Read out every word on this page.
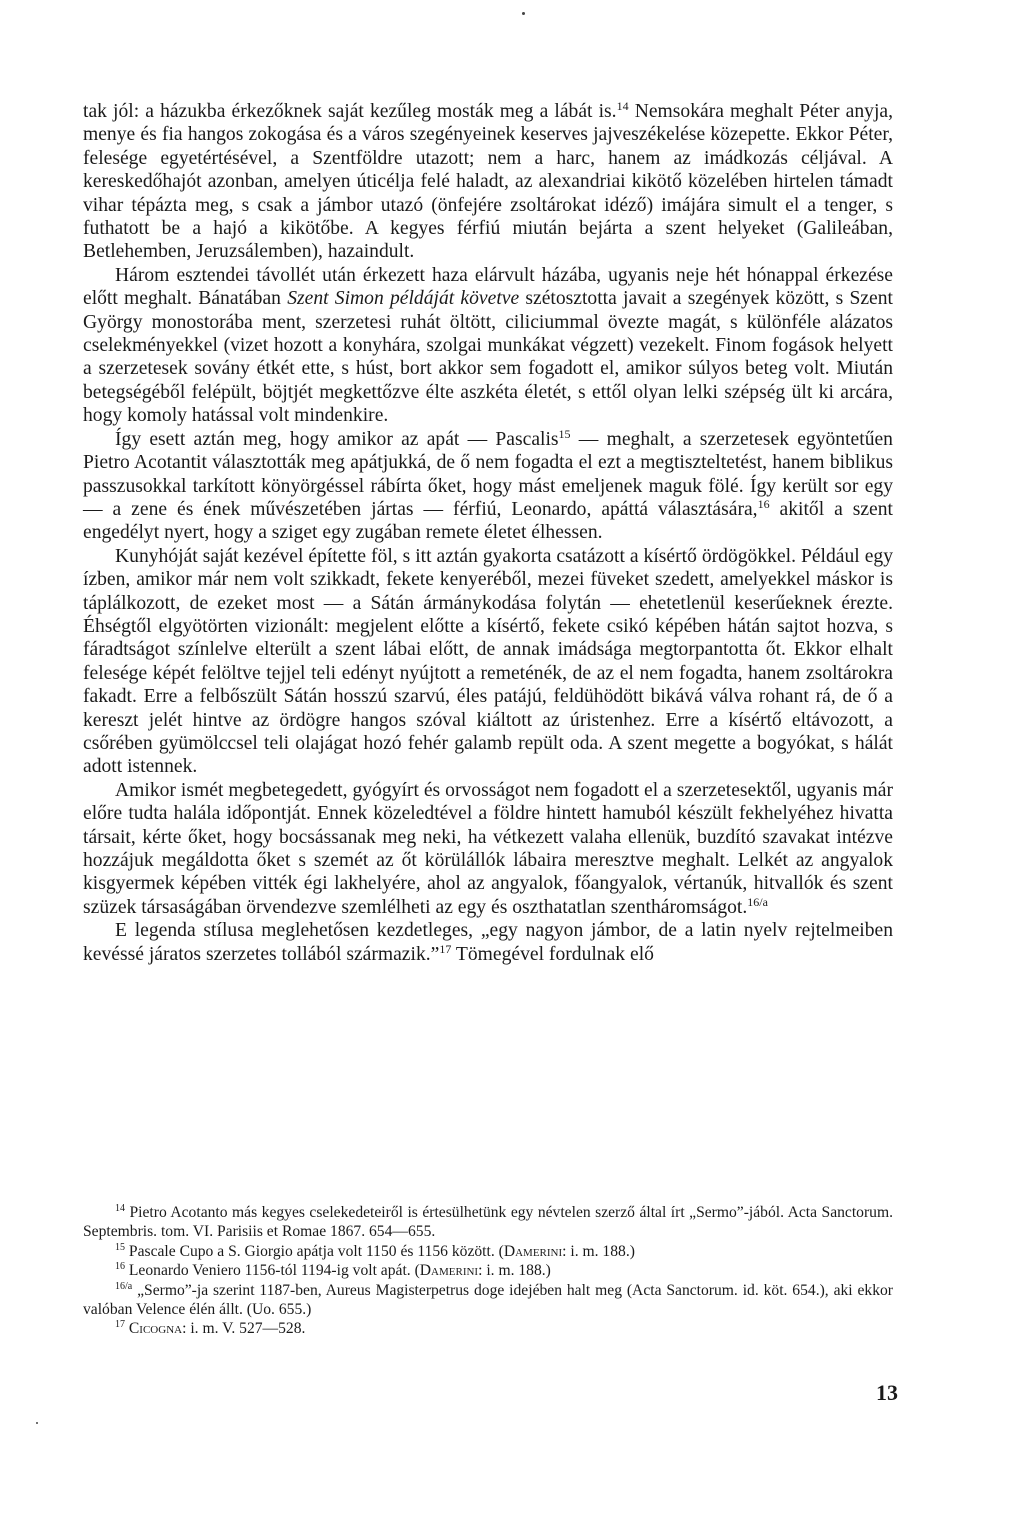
tak jól: a házukba érkezőknek saját kezűleg mosták meg a lábát is.$^{14}$ Nemsokára meghalt Péter anyja, menye és fia hangos zokogása és a város szegényeinek keserves jajveszékelése közepette. Ekkor Péter, felesége egyetértésével, a Szentföldre utazott; nem a harc, hanem az imádkozás céljával. A kereskedőhajót azonban, amelyen úticélja felé haladt, az alexandriai kikötő közelében hirtelen támadt vihar tépázta meg, s csak a jámbor utazó (önfejére zsoltárokat idéző) imájára simult el a tenger, s futhatott be a hajó a kikötőbe. A kegyes férfiú miután bejárta a szent helyeket (Galileában, Betlehemben, Jeruzsálemben), hazaindult.

Három esztendei távollét után érkezett haza elárvult házába, ugyanis neje hét hónappal érkezése előtt meghalt. Bánatában Szent Simon példáját követve szétosztotta javait a szegények között, s Szent György monostorába ment, szerzetesi ruhát öltött, ciliciummal övezte magát, s különféle alázatos cselekményekkel (vizet hozott a konyhára, szolgai munkákat végzett) vezekelt. Finom fogások helyett a szerzetesek sovány étkét ette, s húst, bort akkor sem fogadott el, amikor súlyos beteg volt. Miután betegségéből felépült, böjtjét megkettőzve élte aszkéta életét, s ettől olyan lelki szépség ült ki arcára, hogy komoly hatással volt mindenkire.

Így esett aztán meg, hogy amikor az apát — Pascalis$^{15}$ — meghalt, a szerzetesek egyöntetűen Pietro Acotantit választották meg apátjukká, de ő nem fogadta el ezt a megtiszteltetést, hanem biblikus passzusokkal tarkított könyörgéssel rábírta őket, hogy mást emeljenek maguk fölé. Így került sor egy — a zene és ének művészetében jártas — férfiú, Leonardo, apáttá választására,$^{16}$ akitől a szent engedélyt nyert, hogy a sziget egy zugában remete életet élhessen.

Kunyhóját saját kezével építette föl, s itt aztán gyakorta csatázott a kísértő ördögökkel. Például egy ízben, amikor már nem volt szikkadt, fekete kenyeréből, mezei füveket szedett, amelyekkel máskor is táplálkozott, de ezeket most — a Sátán ármánykodása folytán — ehetetlenül keserűeknek érezte. Éhségtől elgyötörten vizionált: megjelent előtte a kísértő, fekete csikó képében hátán sajtot hozva, s fáradtságot színlelve elterült a szent lábai előtt, de annak imádsága megtorpantotta őt. Ekkor elhalt felesége képét felöltve tejjel teli edényt nyújtott a remeténék, de az el nem fogadta, hanem zsoltárokra fakadt. Erre a felbőszült Sátán hosszú szarvú, éles patájú, feldühödött bikává válva rohant rá, de ő a kereszt jelét hintve az ördögre hangos szóval kiáltott az úristenhez. Erre a kísértő eltávozott, a csőrében gyümölccsel teli olajágat hozó fehér galamb repült oda. A szent megette a bogyókat, s hálát adott istennek.

Amikor ismét megbetegedett, gyógyírt és orvosságot nem fogadott el a szerzetesektől, ugyanis már előre tudta halála időpontját. Ennek közeledtével a földre hintett hamuból készült fekhelyéhez hivatta társait, kérte őket, hogy bocsássanak meg neki, ha vétkezett valaha ellenük, buzdító szavakat intézve hozzájuk megáldotta őket s szemét az őt körülállók lábaira meresztve meghalt. Lelkét az angyalok kisgyermek képében vitték égi lakhelyére, ahol az angyalok, főangyalok, vértanúk, hitvallók és szent szüzek társaságában örvendezve szemlélheti az egy és oszthatatlan szentháromságot.$^{16/a}$

E legenda stílusa meglehetősen kezdetleges, „egy nagyon jámbor, de a latin nyelv rejtelmeiben kevéssé járatos szerzetes tollából származik.”$^{17}$ Tömegével fordulnak elő

$^{14}$ Pietro Acotanto más kegyes cselekedeteiről is értesülhetünk egy névtelen szerző által írt „Sermo”-jából. Acta Sanctorum. Septembris. tom. VI. Parisiis et Romae 1867. 654—655.

$^{15}$ Pascale Cupo a S. Giorgio apátja volt 1150 és 1156 között. (Damerini: i. m. 188.)

$^{16}$ Leonardo Veniero 1156-tól 1194-ig volt apát. (Damerini: i. m. 188.)

$^{16/a}$ „Sermo”-ja szerint 1187-ben, Aureus Magisterpetrus doge idejében halt meg (Acta Sanctorum. id. köt. 654.), aki ekkor valóban Velence élén állt. (Uo. 655.)

$^{17}$ Cicogna: i. m. V. 527—528.

13
